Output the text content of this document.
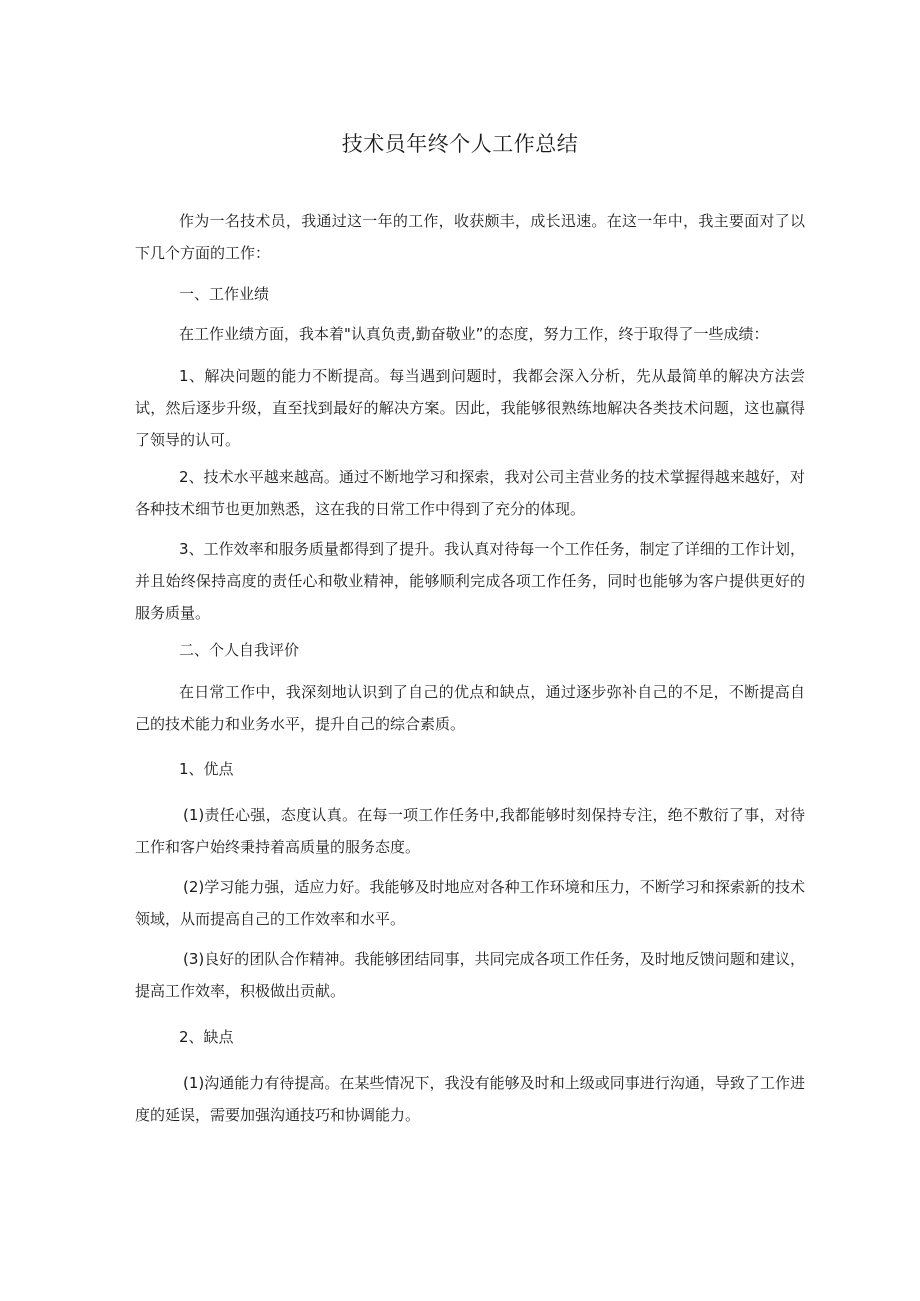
技术员年终个人工作总结

作为一名技术员，我通过这一年的工作，收获颇丰，成长迅速。在这一年中，我主要面对了以下几个方面的工作：

一、工作业绩

在工作业绩方面，我本着"认真负责,勤奋敬业”的态度，努力工作，终于取得了一些成绩：

1、解决问题的能力不断提高。每当遇到问题时，我都会深入分析，先从最简单的解决方法尝试，然后逐步升级，直至找到最好的解决方案。因此，我能够很熟练地解决各类技术问题，这也赢得了领导的认可。

2、技术水平越来越高。通过不断地学习和探索，我对公司主营业务的技术掌握得越来越好，对各种技术细节也更加熟悉，这在我的日常工作中得到了充分的体现。

3、工作效率和服务质量都得到了提升。我认真对待每一个工作任务，制定了详细的工作计划，并且始终保持高度的责任心和敬业精神，能够顺利完成各项工作任务，同时也能够为客户提供更好的服务质量。

二、个人自我评价

在日常工作中，我深刻地认识到了自己的优点和缺点，通过逐步弥补自己的不足，不断提高自己的技术能力和业务水平，提升自己的综合素质。

1、优点

(1)责任心强，态度认真。在每一项工作任务中,我都能够时刻保持专注，绝不敷衍了事，对待工作和客户始终秉持着高质量的服务态度。

(2)学习能力强，适应力好。我能够及时地应对各种工作环境和压力，不断学习和探索新的技术领域，从而提高自己的工作效率和水平。

(3)良好的团队合作精神。我能够团结同事，共同完成各项工作任务，及时地反馈问题和建议，提高工作效率，积极做出贡献。

2、缺点

(1)沟通能力有待提高。在某些情况下，我没有能够及时和上级或同事进行沟通，导致了工作进度的延误，需要加强沟通技巧和协调能力。
